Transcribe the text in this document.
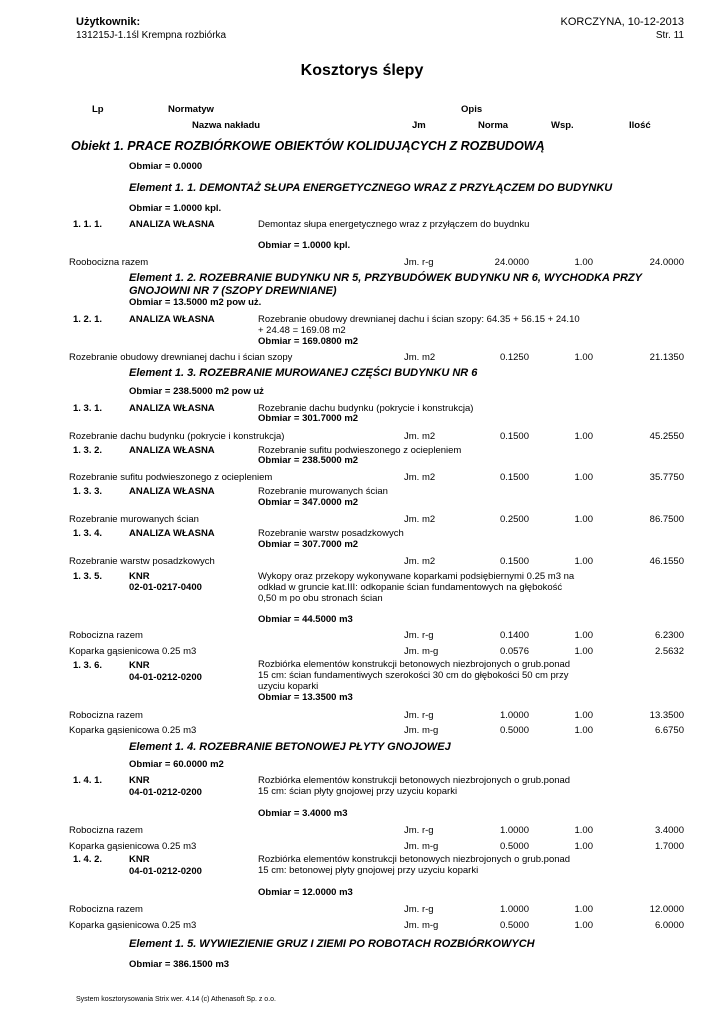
Użytkownik:
131215J-1.1śl Krempna rozbiórka
KORCZYNA, 10-12-2013
Str. 11
Kosztorys ślepy
Lp	Normatyw	Opis
Nazwa nakładu	Jm	Norma	Wsp.	Ilość
Obiekt 1. PRACE ROZBIÓRKOWE OBIEKTÓW KOLIDUJĄCYCH Z ROZBUDOWĄ
Obmiar = 0.0000
Element 1. 1. DEMONTAŻ SŁUPA ENERGETYCZNEGO WRAZ Z PRZYŁĄCZEM DO BUDYNKU
Obmiar = 1.0000 kpl.
1. 1. 1.	ANALIZA WŁASNA	Demontaz słupa energetycznego wraz z przyłączem do buydnku
Obmiar = 1.0000 kpl.
Roobocizna razem	Jm. r-g	24.0000	1.00	24.0000
Element 1. 2. ROZEBRANIE BUDYNKU NR 5, PRZYBUDÓWEK BUDYNKU NR 6, WYCHODKA PRZY
GNOJOWNI NR 7 (SZOPY DREWNIANE)
Obmiar = 13.5000 m2 pow uż.
1. 2. 1.	ANALIZA WŁASNA	Rozebranie obudowy drewnianej dachu i ścian szopy: 64.35 + 56.15 + 24.10
+ 24.48 = 169.08 m2
Obmiar = 169.0800 m2
Rozebranie obudowy drewnianej dachu i ścian szopy	Jm. m2	0.1250	1.00	21.1350
Element 1. 3. ROZEBRANIE MUROWANEJ CZĘŚCI BUDYNKU NR 6
Obmiar = 238.5000 m2 pow uż
1. 3. 1.	ANALIZA WŁASNA	Rozebranie dachu budynku (pokrycie i konstrukcja)
Obmiar = 301.7000 m2
Rozebranie dachu budynku (pokrycie i konstrukcja)	Jm. m2	0.1500	1.00	45.2550
1. 3. 2.	ANALIZA WŁASNA	Rozebranie sufitu podwieszonego z ociepleniem
Obmiar = 238.5000 m2
Rozebranie sufitu podwieszonego z ociepleniem	Jm. m2	0.1500	1.00	35.7750
1. 3. 3.	ANALIZA WŁASNA	Rozebranie murowanych ścian
Obmiar = 347.0000 m2
Rozebranie murowanych ścian	Jm. m2	0.2500	1.00	86.7500
1. 3. 4.	ANALIZA WŁASNA	Rozebranie warstw posadzkowych
Obmiar = 307.7000 m2
Rozebranie warstw posadzkowych	Jm. m2	0.1500	1.00	46.1550
1. 3. 5.	KNR
02-01-0217-0400
Wykopy oraz przekopy wykonywane koparkami podsiębiernymi 0.25 m3 na
odkład w gruncie kat.III: odkopanie ścian fundamentowych na głębokość
0,50 m po obu stronach ścian
Obmiar = 44.5000 m3
Robocizna razem	Jm. r-g	0.1400	1.00	6.2300
Koparka gąsienicowa 0.25 m3	Jm. m-g	0.0576	1.00	2.5632
1. 3. 6.	KNR
04-01-0212-0200
Rozbiórka elementów konstrukcji betonowych niezbrojonych o grub.ponad
15 cm: ścian fundamentiwych szerokości 30 cm do głębokości 50 cm przy
uzyciu koparki
Obmiar = 13.3500 m3
Robocizna razem	Jm. r-g	1.0000	1.00	13.3500
Koparka gąsienicowa 0.25 m3	Jm. m-g	0.5000	1.00	6.6750
Element 1. 4. ROZEBRANIE BETONOWEJ PŁYTY GNOJOWEJ
Obmiar = 60.0000 m2
1. 4. 1.	KNR
04-01-0212-0200
Rozbiórka elementów konstrukcji betonowych niezbrojonych o grub.ponad
15 cm: ścian płyty gnojowej przy uzyciu koparki
Obmiar = 3.4000 m3
Robocizna razem	Jm. r-g	1.0000	1.00	3.4000
Koparka gąsienicowa 0.25 m3	Jm. m-g	0.5000	1.00	1.7000
1. 4. 2.	KNR
04-01-0212-0200
Rozbiórka elementów konstrukcji betonowych niezbrojonych o grub.ponad
15 cm: betonowej płyty gnojowej przy uzyciu koparki
Obmiar = 12.0000 m3
Robocizna razem	Jm. r-g	1.0000	1.00	12.0000
Koparka gąsienicowa 0.25 m3	Jm. m-g	0.5000	1.00	6.0000
Element 1. 5. WYWIEZIENIE GRUZ I ZIEMI PO ROBOTACH ROZBIÓRKOWYCH
Obmiar = 386.1500 m3
System kosztorysowania Strix wer. 4.14 (c) Athenasoft Sp. z o.o.
